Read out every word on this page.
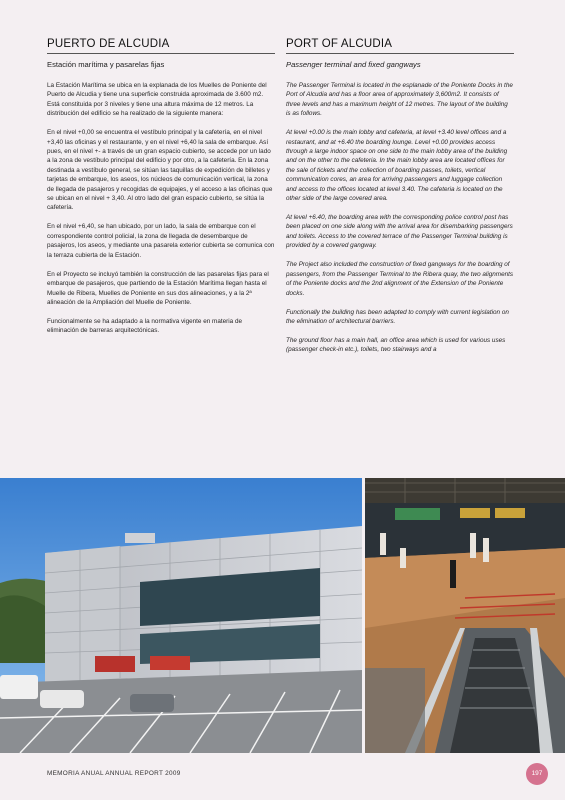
PUERTO DE ALCUDIA
Estación marítima y pasarelas fijas

La Estación Marítima se ubica en la explanada de los Muelles de Poniente del Puerto de Alcudia y tiene una superficie construida aproximada de 3.600 m2. Está constituida por 3 niveles y tiene una altura máxima de 12 metros. La distribución del edificio se ha realizado de la siguiente manera:

En el nivel +0,00 se encuentra el vestíbulo principal y la cafetería, en el nivel +3,40 las oficinas y el restaurante, y en el nivel +6,40 la sala de embarque. Así pues, en el nivel +- a través de un gran espacio cubierto, se accede por un lado a la zona de vestíbulo principal del edificio y por otro, a la cafetería. En la zona destinada a vestíbulo general, se sitúan las taquillas de expedición de billetes y tarjetas de embarque, los aseos, los núcleos de comunicación vertical, la zona de llegada de pasajeros y recogidas de equipajes, y el acceso a las oficinas que se ubican en el nivel + 3,40. Al otro lado del gran espacio cubierto, se sitúa la cafetería.

En el nivel +6,40, se han ubicado, por un lado, la sala de embarque con el correspondiente control policial, la zona de llegada de desembarque de pasajeros, los aseos, y mediante una pasarela exterior cubierta se comunica con la terraza cubierta de la Estación.

En el Proyecto se incluyó también la construcción de las pasarelas fijas para el embarque de pasajeros, que partiendo de la Estación Marítima llegan hasta el Muelle de Ribera, Muelles de Poniente en sus dos alineaciones, y a la 2ª alineación de la Ampliación del Muelle de Poniente.

Funcionalmente se ha adaptado a la normativa vigente en materia de eliminación de barreras arquitectónicas.

PORT OF ALCUDIA
Passenger terminal and fixed gangways

The Passenger Terminal is located in the esplanade of the Poniente Docks in the Port of Alcudia and has a floor area of approximately 3,600m2. It consists of three levels and has a maximum height of 12 metres. The layout of the building is as follows.

At level +0.00 is the main lobby and cafeteria, at level +3.40 level offices and a restaurant, and at +6.40 the boarding lounge. Level +0.00 provides access through a large indoor space on one side to the main lobby area of the building and on the other to the cafeteria. In the main lobby area are located offices for the sale of tickets and the collection of boarding passes, toilets, vertical communication cores, an area for arriving passengers and luggage collection and access to the offices located at level 3.40. The cafeteria is located on the other side of the large covered area.

At level +6.40, the boarding area with the corresponding police control post has been placed on one side along with the arrival area for disembarking passengers and toilets. Access to the covered terrace of the Passenger Terminal building is provided by a covered gangway.

The Project also included the construction of fixed gangways for the boarding of passengers, from the Passenger Terminal to the Ribera quay, the two alignments of the Poniente docks and the 2nd alignment of the Extension of the Poniente docks.

Functionally the building has been adapted to comply with current legislation on the elimination of architectural barriers.

The ground floor has a main hall, an office area which is used for various uses (passenger check-in etc.), toilets, two stairways and a

MEMORIA ANUAL ANNUAL REPORT 2009	197
